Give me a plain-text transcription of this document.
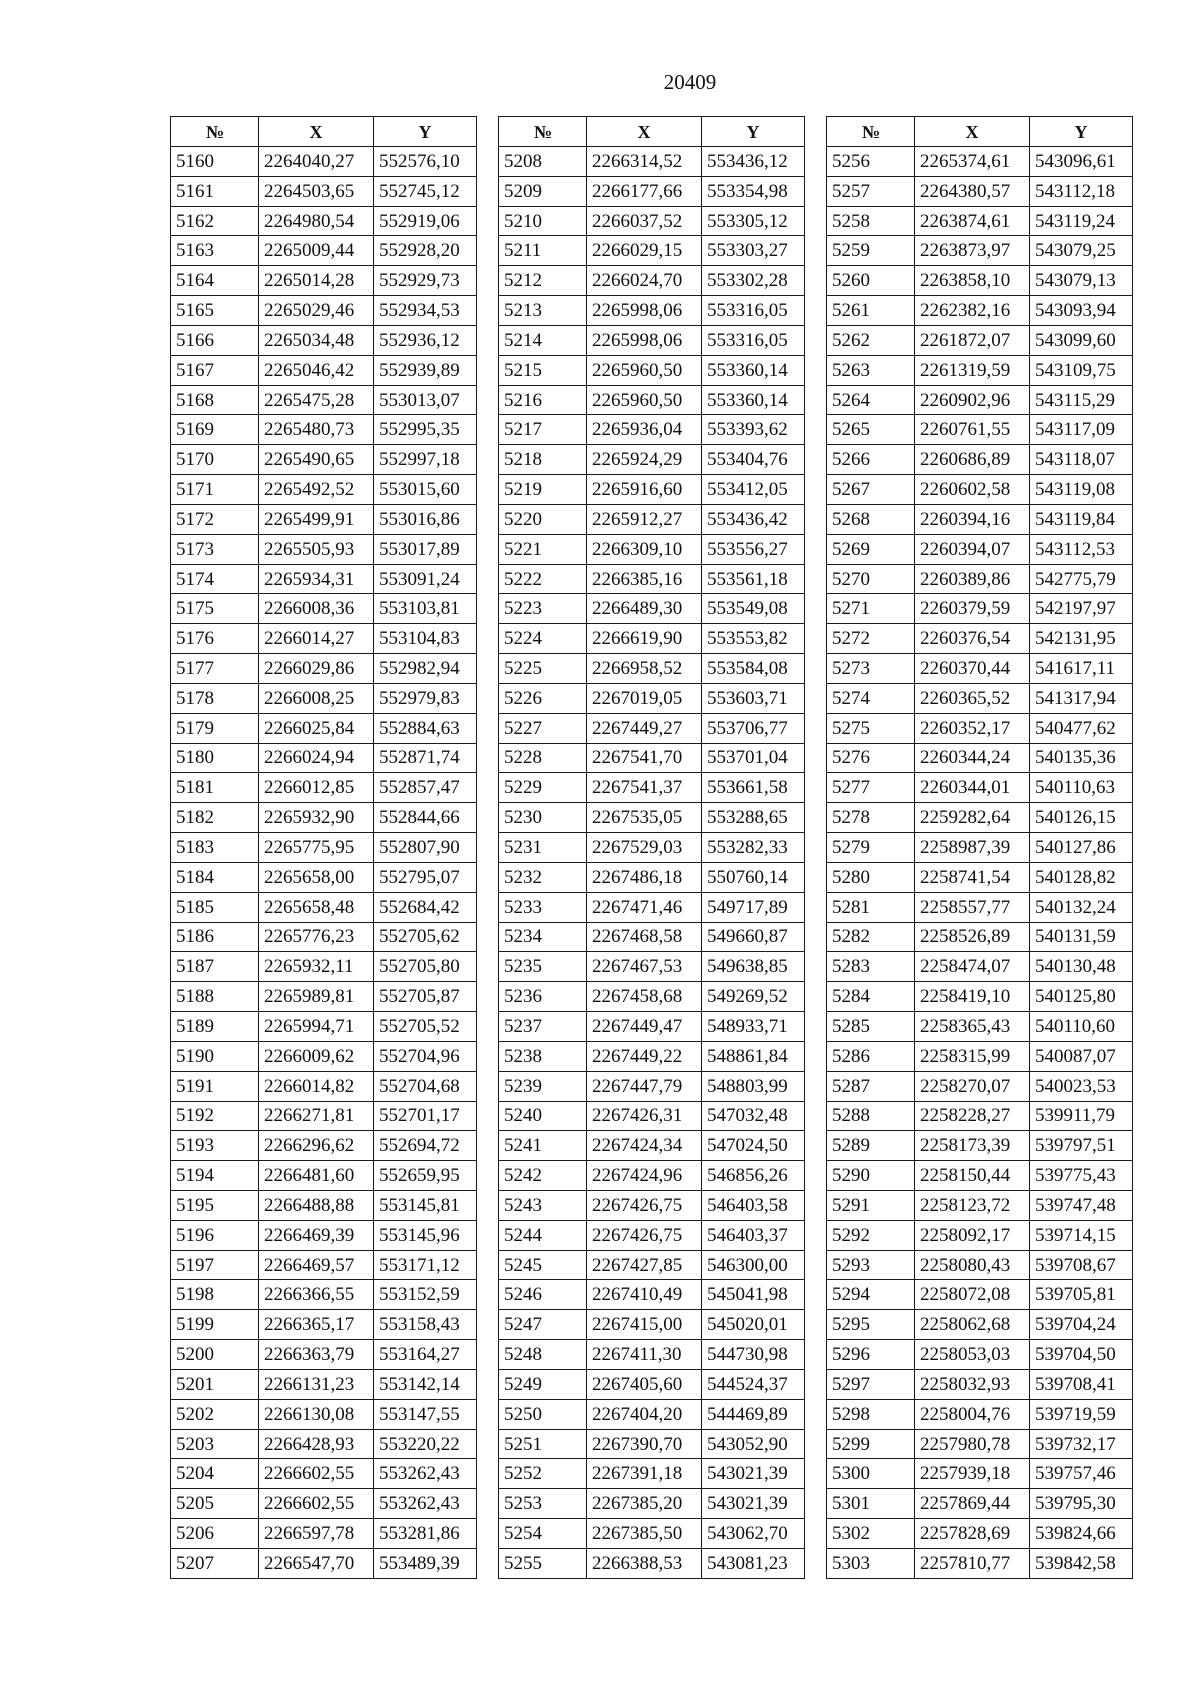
20409
№	X	Y
5160	2264040,27	552576,10
5161	2264503,65	552745,12
5162	2264980,54	552919,06
5163	2265009,44	552928,20
5164	2265014,28	552929,73
5165	2265029,46	552934,53
5166	2265034,48	552936,12
5167	2265046,42	552939,89
5168	2265475,28	553013,07
5169	2265480,73	552995,35
5170	2265490,65	552997,18
5171	2265492,52	553015,60
5172	2265499,91	553016,86
5173	2265505,93	553017,89
5174	2265934,31	553091,24
5175	2266008,36	553103,81
5176	2266014,27	553104,83
5177	2266029,86	552982,94
5178	2266008,25	552979,83
5179	2266025,84	552884,63
5180	2266024,94	552871,74
5181	2266012,85	552857,47
5182	2265932,90	552844,66
5183	2265775,95	552807,90
5184	2265658,00	552795,07
5185	2265658,48	552684,42
5186	2265776,23	552705,62
5187	2265932,11	552705,80
5188	2265989,81	552705,87
5189	2265994,71	552705,52
5190	2266009,62	552704,96
5191	2266014,82	552704,68
5192	2266271,81	552701,17
5193	2266296,62	552694,72
5194	2266481,60	552659,95
5195	2266488,88	553145,81
5196	2266469,39	553145,96
5197	2266469,57	553171,12
5198	2266366,55	553152,59
5199	2266365,17	553158,43
5200	2266363,79	553164,27
5201	2266131,23	553142,14
5202	2266130,08	553147,55
5203	2266428,93	553220,22
5204	2266602,55	553262,43
5205	2266602,55	553262,43
5206	2266597,78	553281,86
5207	2266547,70	553489,39
№	X	Y
5208	2266314,52	553436,12
5209	2266177,66	553354,98
5210	2266037,52	553305,12
5211	2266029,15	553303,27
5212	2266024,70	553302,28
5213	2265998,06	553316,05
5214	2265998,06	553316,05
5215	2265960,50	553360,14
5216	2265960,50	553360,14
5217	2265936,04	553393,62
5218	2265924,29	553404,76
5219	2265916,60	553412,05
5220	2265912,27	553436,42
5221	2266309,10	553556,27
5222	2266385,16	553561,18
5223	2266489,30	553549,08
5224	2266619,90	553553,82
5225	2266958,52	553584,08
5226	2267019,05	553603,71
5227	2267449,27	553706,77
5228	2267541,70	553701,04
5229	2267541,37	553661,58
5230	2267535,05	553288,65
5231	2267529,03	553282,33
5232	2267486,18	550760,14
5233	2267471,46	549717,89
5234	2267468,58	549660,87
5235	2267467,53	549638,85
5236	2267458,68	549269,52
5237	2267449,47	548933,71
5238	2267449,22	548861,84
5239	2267447,79	548803,99
5240	2267426,31	547032,48
5241	2267424,34	547024,50
5242	2267424,96	546856,26
5243	2267426,75	546403,58
5244	2267426,75	546403,37
5245	2267427,85	546300,00
5246	2267410,49	545041,98
5247	2267415,00	545020,01
5248	2267411,30	544730,98
5249	2267405,60	544524,37
5250	2267404,20	544469,89
5251	2267390,70	543052,90
5252	2267391,18	543021,39
5253	2267385,20	543021,39
5254	2267385,50	543062,70
5255	2266388,53	543081,23
№	X	Y
5256	2265374,61	543096,61
5257	2264380,57	543112,18
5258	2263874,61	543119,24
5259	2263873,97	543079,25
5260	2263858,10	543079,13
5261	2262382,16	543093,94
5262	2261872,07	543099,60
5263	2261319,59	543109,75
5264	2260902,96	543115,29
5265	2260761,55	543117,09
5266	2260686,89	543118,07
5267	2260602,58	543119,08
5268	2260394,16	543119,84
5269	2260394,07	543112,53
5270	2260389,86	542775,79
5271	2260379,59	542197,97
5272	2260376,54	542131,95
5273	2260370,44	541617,11
5274	2260365,52	541317,94
5275	2260352,17	540477,62
5276	2260344,24	540135,36
5277	2260344,01	540110,63
5278	2259282,64	540126,15
5279	2258987,39	540127,86
5280	2258741,54	540128,82
5281	2258557,77	540132,24
5282	2258526,89	540131,59
5283	2258474,07	540130,48
5284	2258419,10	540125,80
5285	2258365,43	540110,60
5286	2258315,99	540087,07
5287	2258270,07	540023,53
5288	2258228,27	539911,79
5289	2258173,39	539797,51
5290	2258150,44	539775,43
5291	2258123,72	539747,48
5292	2258092,17	539714,15
5293	2258080,43	539708,67
5294	2258072,08	539705,81
5295	2258062,68	539704,24
5296	2258053,03	539704,50
5297	2258032,93	539708,41
5298	2258004,76	539719,59
5299	2257980,78	539732,17
5300	2257939,18	539757,46
5301	2257869,44	539795,30
5302	2257828,69	539824,66
5303	2257810,77	539842,58
